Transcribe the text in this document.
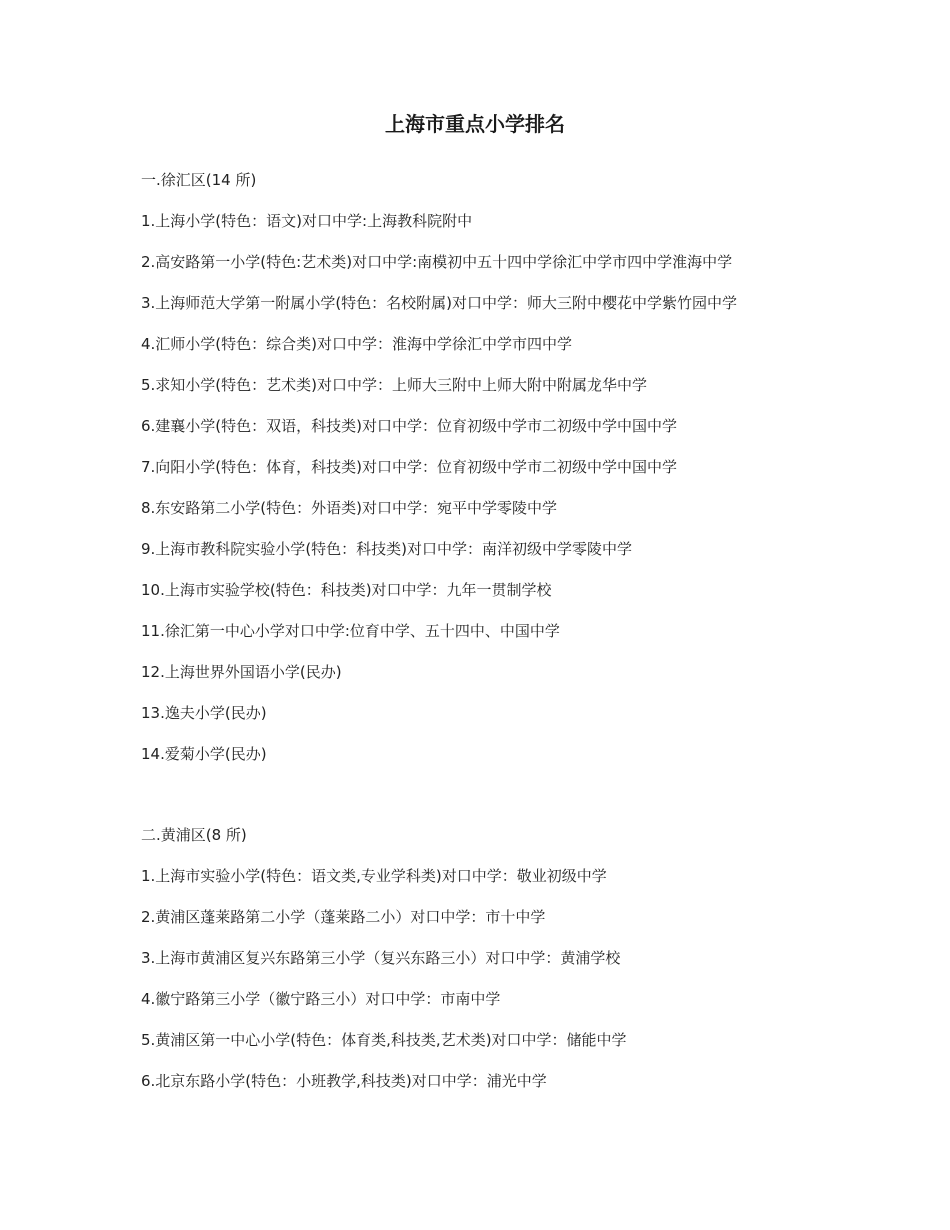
上海市重点小学排名
一.徐汇区(14 所)
1.上海小学(特色：语文)对口中学:上海教科院附中
2.高安路第一小学(特色:艺术类)对口中学:南模初中五十四中学徐汇中学市四中学淮海中学
3.上海师范大学第一附属小学(特色：名校附属)对口中学：师大三附中樱花中学紫竹园中学
4.汇师小学(特色：综合类)对口中学：淮海中学徐汇中学市四中学
5.求知小学(特色：艺术类)对口中学：上师大三附中上师大附中附属龙华中学
6.建襄小学(特色：双语，科技类)对口中学：位育初级中学市二初级中学中国中学
7.向阳小学(特色：体育，科技类)对口中学：位育初级中学市二初级中学中国中学
8.东安路第二小学(特色：外语类)对口中学：宛平中学零陵中学
9.上海市教科院实验小学(特色：科技类)对口中学：南洋初级中学零陵中学
10.上海市实验学校(特色：科技类)对口中学：九年一贯制学校
11.徐汇第一中心小学对口中学:位育中学、五十四中、中国中学
12.上海世界外国语小学(民办)
13.逸夫小学(民办)
14.爱菊小学(民办)
二.黄浦区(8 所)
1.上海市实验小学(特色：语文类,专业学科类)对口中学：敬业初级中学
2.黄浦区蓬莱路第二小学（蓬莱路二小）对口中学：市十中学
3.上海市黄浦区复兴东路第三小学（复兴东路三小）对口中学：黄浦学校
4.徽宁路第三小学（徽宁路三小）对口中学：市南中学
5.黄浦区第一中心小学(特色：体育类,科技类,艺术类)对口中学：储能中学
6.北京东路小学(特色：小班教学,科技类)对口中学：浦光中学
